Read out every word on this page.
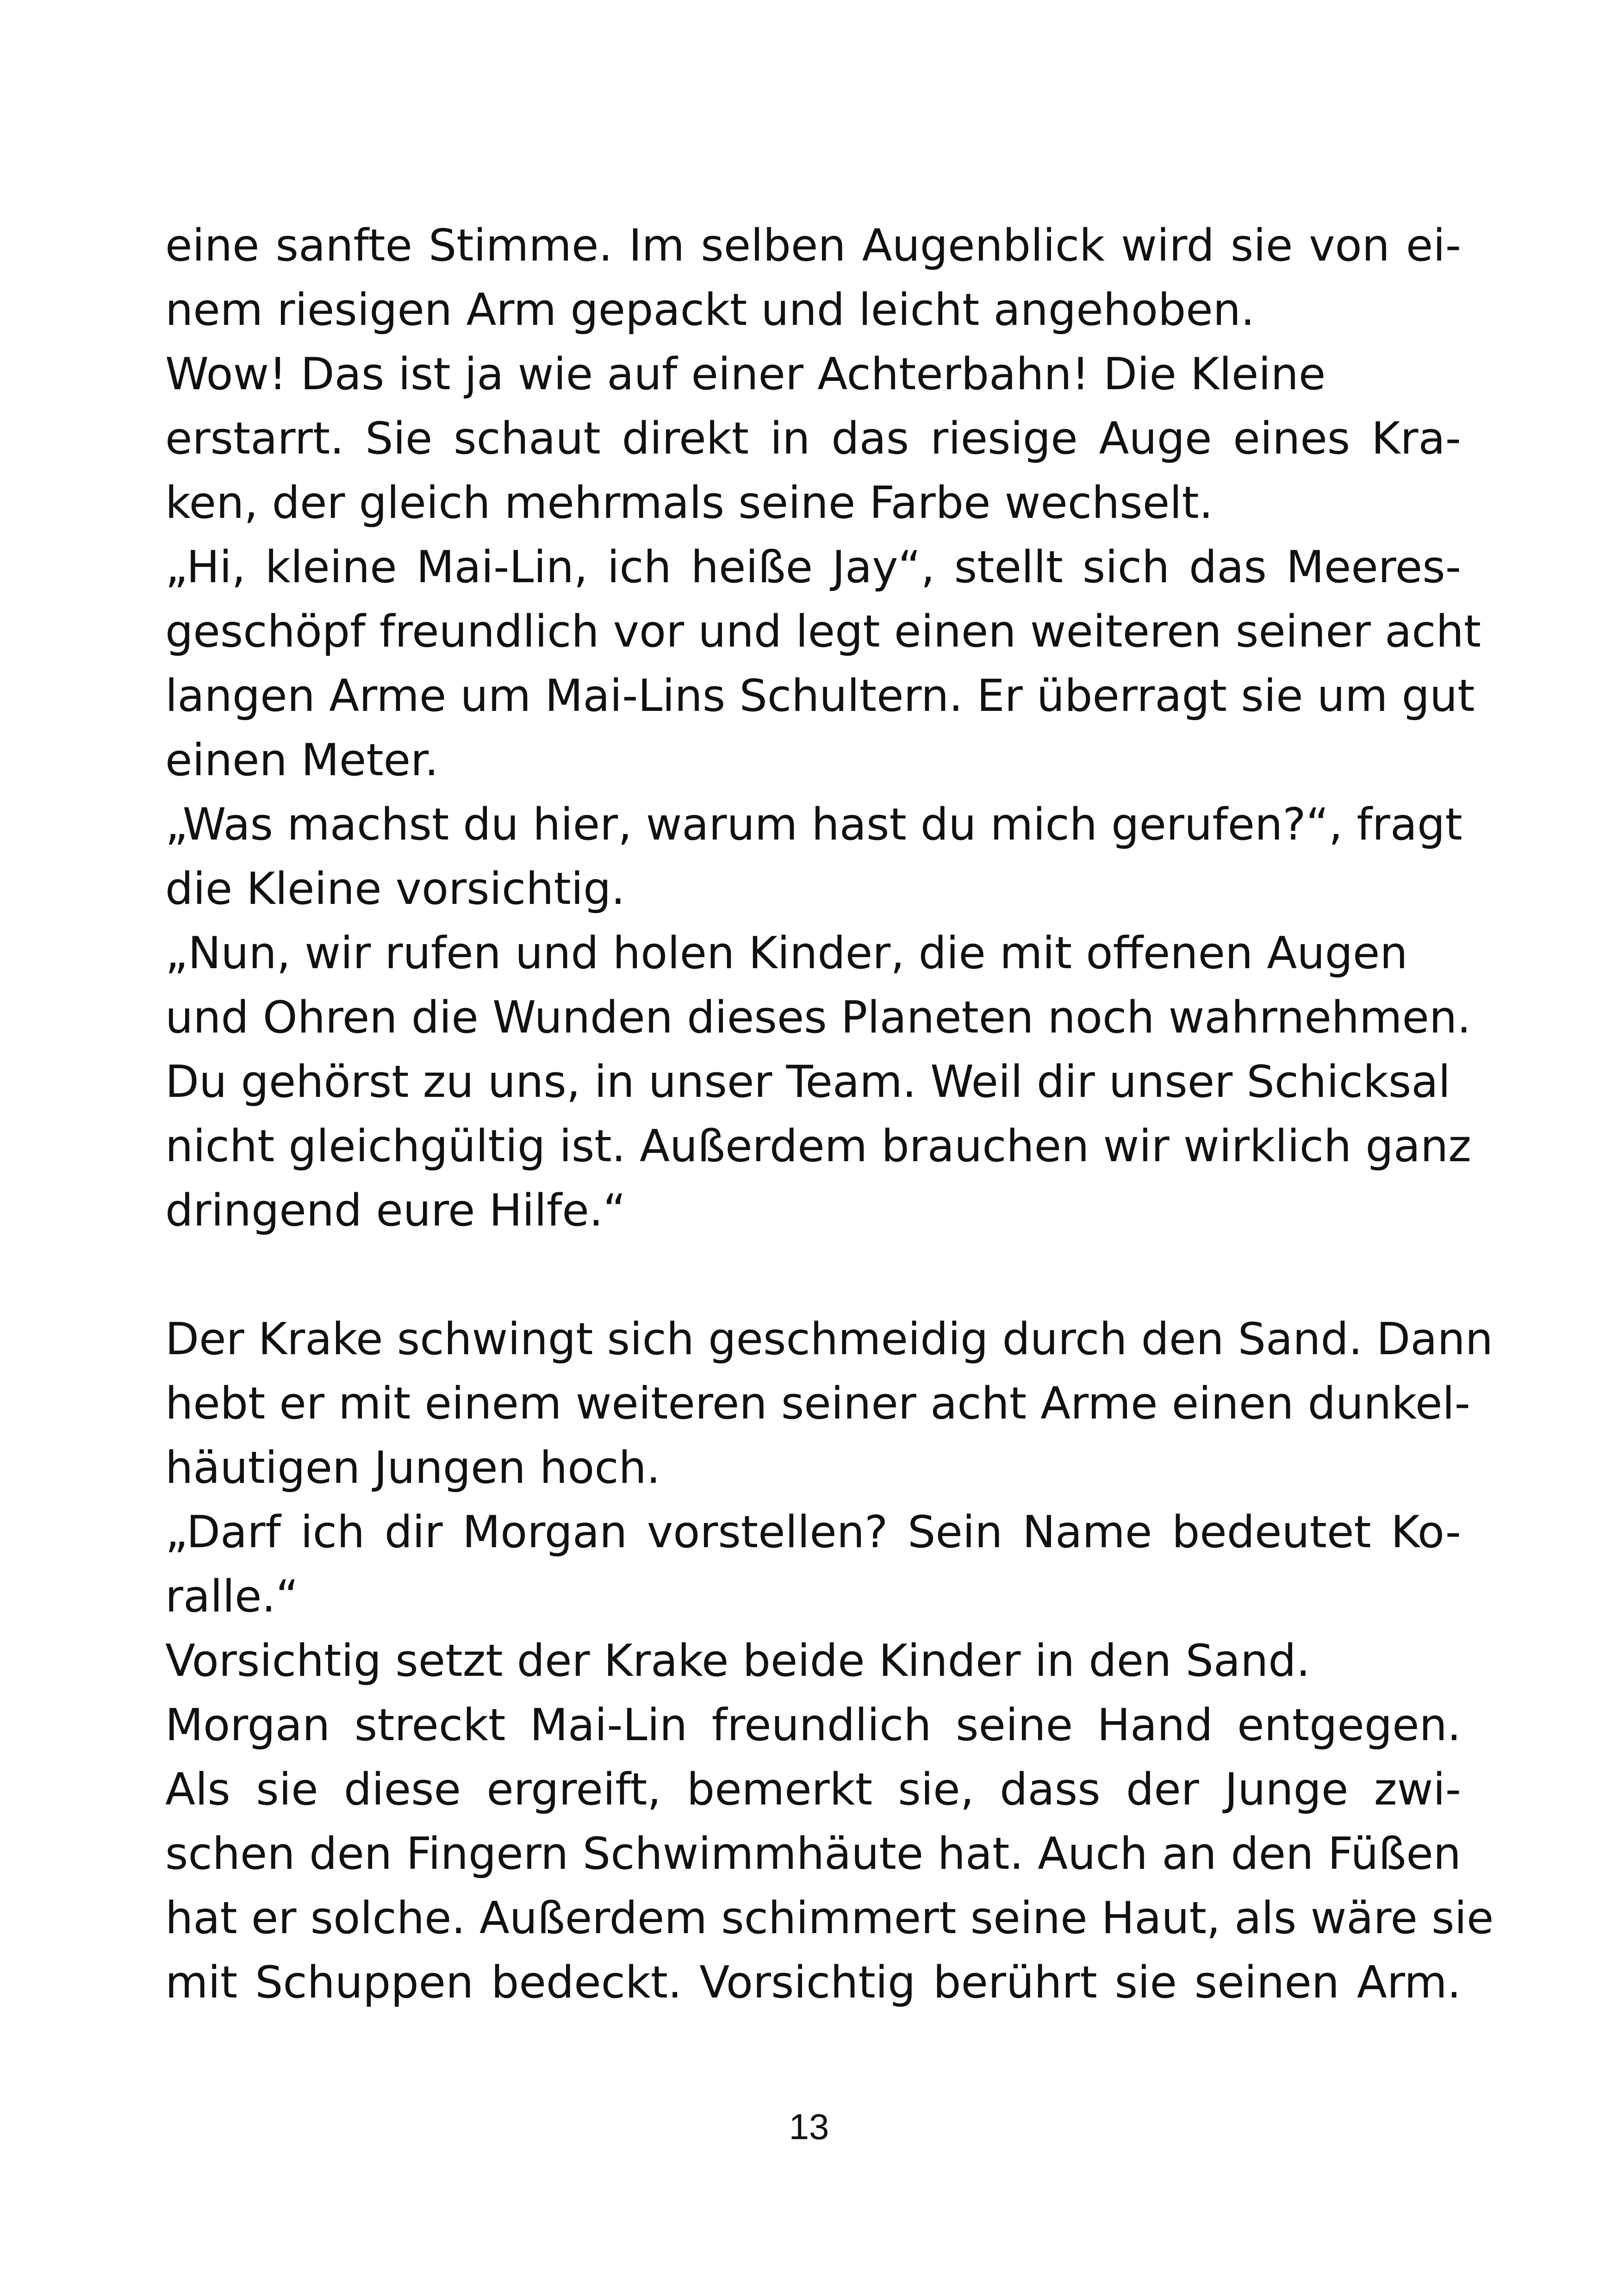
eine sanfte Stimme. Im selben Augenblick wird sie von ei-
nem riesigen Arm gepackt und leicht angehoben.
Wow! Das ist ja wie auf einer Achterbahn! Die Kleine
erstarrt. Sie schaut direkt in das riesige Auge eines Kra-
ken, der gleich mehrmals seine Farbe wechselt.
„Hi, kleine Mai-Lin, ich heiße Jay“, stellt sich das Meeres-
geschöpf freundlich vor und legt einen weiteren seiner acht
langen Arme um Mai-Lins Schultern. Er überragt sie um gut
einen Meter.
„Was machst du hier, warum hast du mich gerufen?“, fragt
die Kleine vorsichtig.
„Nun, wir rufen und holen Kinder, die mit offenen Augen
und Ohren die Wunden dieses Planeten noch wahrnehmen.
Du gehörst zu uns, in unser Team. Weil dir unser Schicksal
nicht gleichgültig ist. Außerdem brauchen wir wirklich ganz
dringend eure Hilfe.“
Der Krake schwingt sich geschmeidig durch den Sand. Dann
hebt er mit einem weiteren seiner acht Arme einen dunkel-
häutigen Jungen hoch.
„Darf ich dir Morgan vorstellen? Sein Name bedeutet Ko-
ralle.“
Vorsichtig setzt der Krake beide Kinder in den Sand.
Morgan streckt Mai-Lin freundlich seine Hand entgegen.
Als sie diese ergreift, bemerkt sie, dass der Junge zwi-
schen den Fingern Schwimmhäute hat. Auch an den Füßen
hat er solche. Außerdem schimmert seine Haut, als wäre sie
mit Schuppen bedeckt. Vorsichtig berührt sie seinen Arm.
13
